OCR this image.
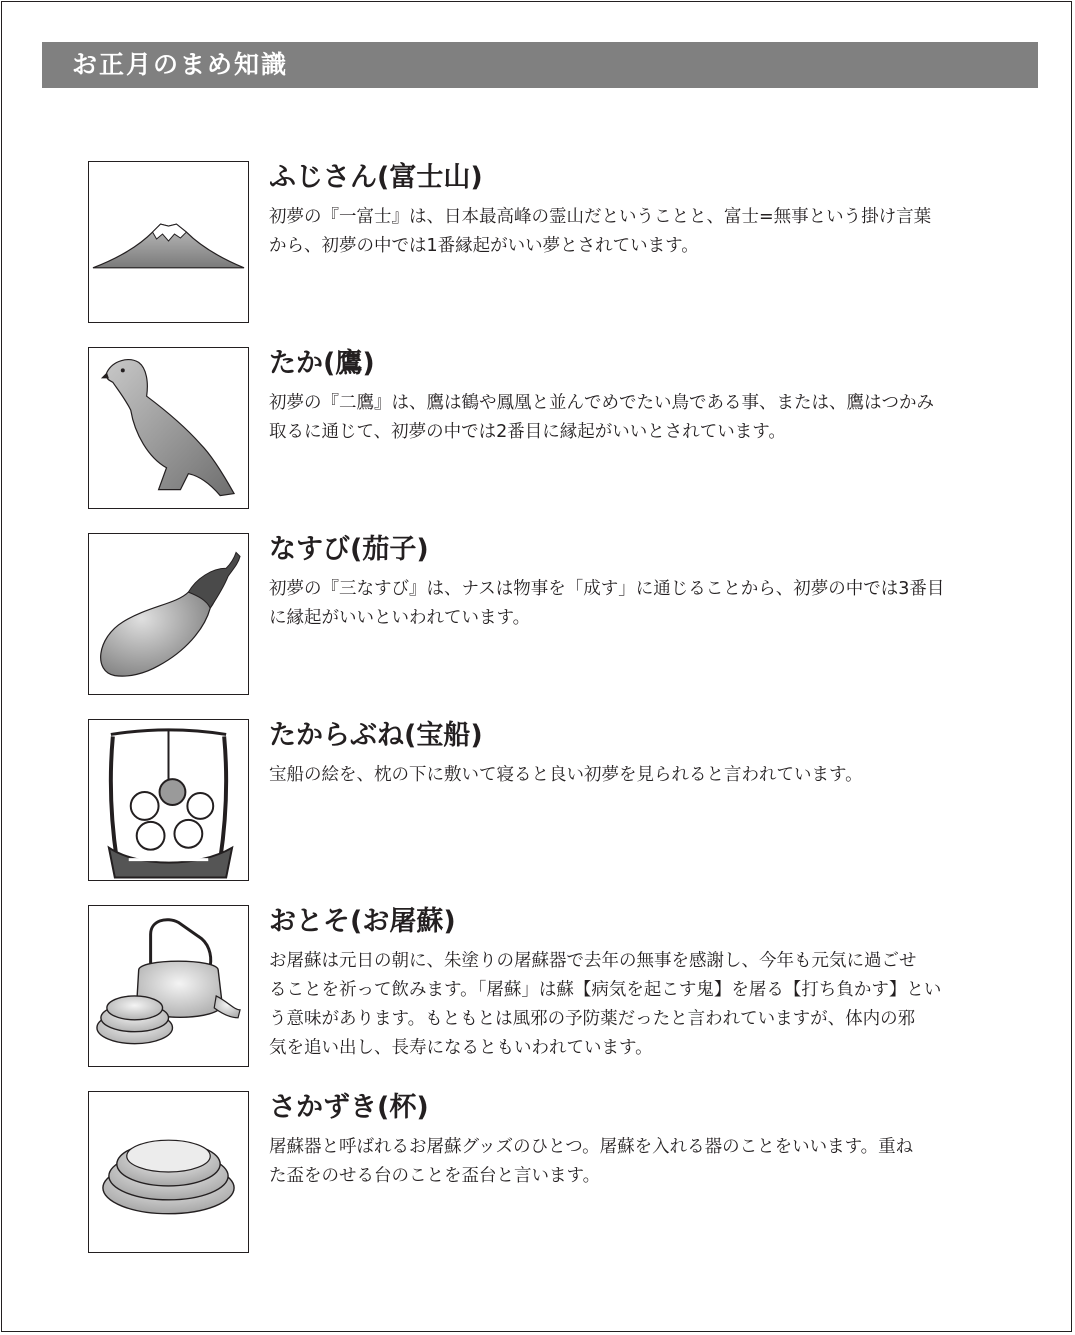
お正月のまめ知識
ふじさん(富士山)
初夢の『一富士』は、日本最高峰の霊山だということと、富士=無事という掛け言葉
から、初夢の中では1番縁起がいい夢とされています。
たか(鷹)
初夢の『二鷹』は、鷹は鶴や鳳凰と並んでめでたい鳥である事、または、鷹はつかみ
取るに通じて、初夢の中では2番目に縁起がいいとされています。
なすび(茄子)
初夢の『三なすび』は、ナスは物事を「成す」に通じることから、初夢の中では3番目
に縁起がいいといわれています。
たからぶね(宝船)
宝船の絵を、枕の下に敷いて寝ると良い初夢を見られると言われています。
おとそ(お屠蘇)
お屠蘇は元日の朝に、朱塗りの屠蘇器で去年の無事を感謝し、今年も元気に過ごせ
ることを祈って飲みます。「屠蘇」は蘇【病気を起こす鬼】を屠る【打ち負かす】とい
う意味があります。もともとは風邪の予防薬だったと言われていますが、体内の邪
気を追い出し、長寿になるともいわれています。
さかずき(杯)
屠蘇器と呼ばれるお屠蘇グッズのひとつ。屠蘇を入れる器のことをいいます。重ね
た盃をのせる台のことを盃台と言います。
